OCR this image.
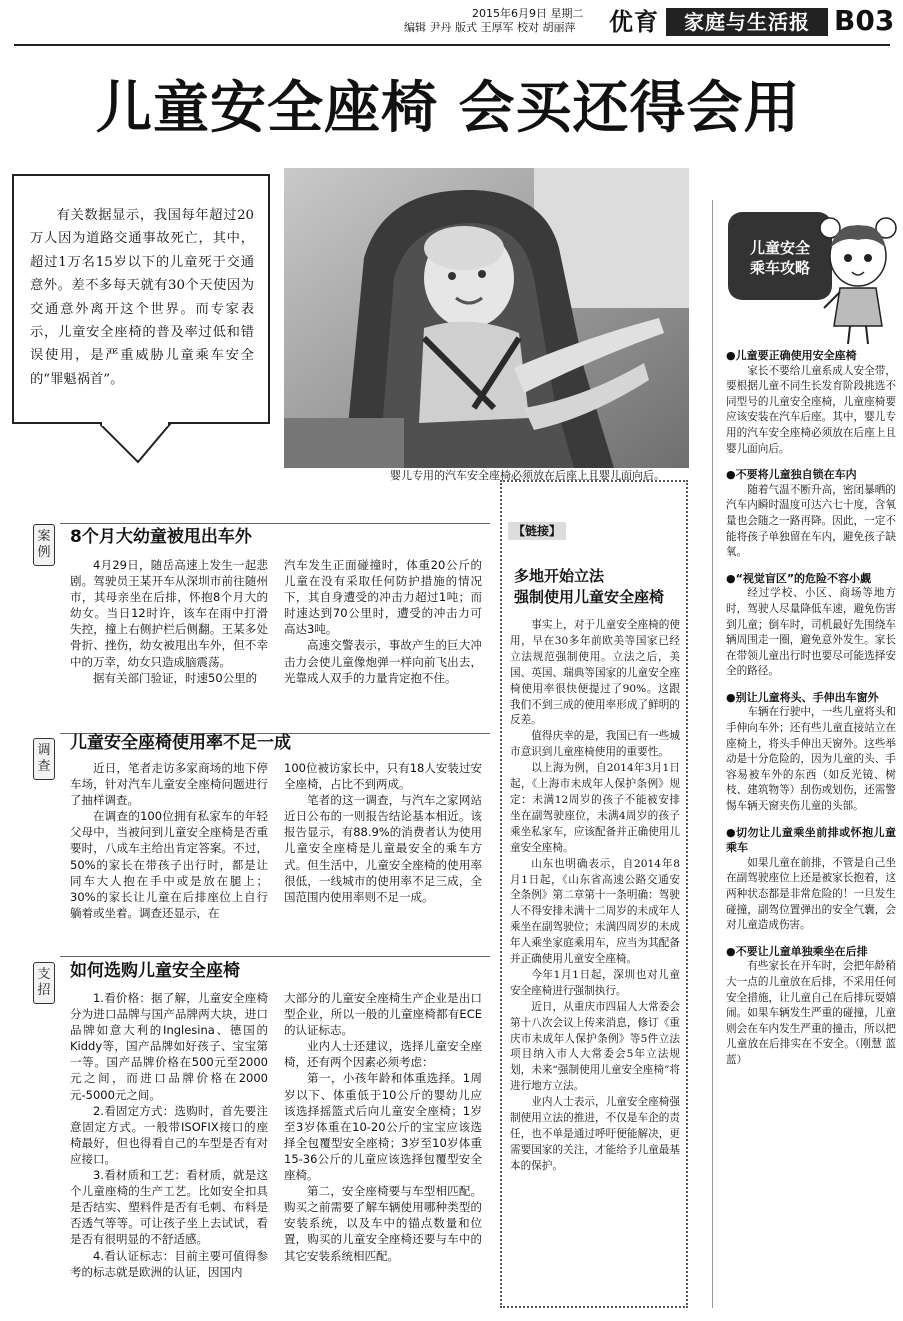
2015年6月9日 星期二
编辑 尹丹 版式 王厚军 校对 胡丽萍 优育	家庭与生活报 B03
儿童安全座椅 会买还得会用
有关数据显示，我国每年超过20万人因为道路交通事故死亡，其中，超过1万名15岁以下的儿童死于交通意外。差不多每天就有30个天使因为交通意外离开这个世界。而专家表示，儿童安全座椅的普及率过低和错误使用，是严重威胁儿童乘车安全的“罪魁祸首”。
婴儿专用的汽车安全座椅必须放在后座上且婴儿面向后。
儿童安全
乘车攻略
案例
8个月大幼童被甩出车外

4月29日，随岳高速上发生一起悲剧。驾驶员王某开车从深圳市前往随州市，其母亲坐在后排，怀抱8个月大的幼女。当日12时许，该车在雨中打滑失控，撞上右侧护栏后侧翻。王某多处骨折、挫伤，幼女被甩出车外，但不幸中的万幸，幼女只造成脑震荡。

据有关部门验证，时速50公里的

汽车发生正面碰撞时，体重20公斤的儿童在没有采取任何防护措施的情况下，其自身遭受的冲击力超过1吨；而时速达到70公里时，遭受的冲击力可高达3吨。

高速交警表示，事故产生的巨大冲击力会使儿童像炮弹一样向前飞出去，光靠成人双手的力量肯定抱不住。

调查
儿童安全座椅使用率不足一成

近日，笔者走访多家商场的地下停车场，针对汽车儿童安全座椅问题进行了抽样调查。

在调查的100位拥有私家车的年轻父母中，当被问到儿童安全座椅是否重要时，八成车主给出肯定答案。不过，50%的家长在带孩子出行时，都是让同车大人抱在手中或是放在腿上；30%的家长让儿童在后排座位上自行躺着或坐着。调查还显示，在

100位被访家长中，只有18人安装过安全座椅，占比不到两成。

笔者的这一调查，与汽车之家网站近日公布的一则报告结论基本相近。该报告显示，有88.9%的消费者认为使用儿童安全座椅是儿童最安全的乘车方式。但生活中，儿童安全座椅的使用率很低，一线城市的使用率不足三成，全国范围内使用率则不足一成。

支招
如何选购儿童安全座椅

1.看价格：据了解，儿童安全座椅分为进口品牌与国产品牌两大块，进口品牌如意大利的Inglesina、德国的Kiddy等，国产品牌如好孩子、宝宝第一等。国产品牌价格在500元至2000元之间，而进口品牌价格在2000元-5000元之间。

2.看固定方式：选购时，首先要注意固定方式。一般带ISOFIX接口的座椅最好，但也得看自己的车型是否有对应接口。

3.看材质和工艺：看材质，就是这个儿童座椅的生产工艺。比如安全扣具是否结实、塑料件是否有毛刺、布料是否透气等等。可让孩子坐上去试试，看是否有很明显的不舒适感。

4.看认证标志：目前主要可值得参考的标志就是欧洲的认证，因国内

大部分的儿童安全座椅生产企业是出口型企业，所以一般的儿童座椅都有ECE的认证标志。

业内人士还建议，选择儿童安全座椅，还有两个因素必须考虑：

第一，小孩年龄和体重选择。1周岁以下、体重低于10公斤的婴幼儿应该选择摇篮式后向儿童安全座椅；1岁至3岁体重在10-20公斤的宝宝应该选择全包覆型安全座椅；3岁至10岁体重15-36公斤的儿童应该选择包覆型安全座椅。

第二，安全座椅要与车型相匹配。购买之前需要了解车辆使用哪种类型的安装系统，以及车中的锚点数量和位置，购买的儿童安全座椅还要与车中的其它安装系统相匹配。

【链接】
多地开始立法
强制使用儿童安全座椅

事实上，对于儿童安全座椅的使用，早在30多年前欧美等国家已经立法规范强制使用。立法之后，美国、英国、瑞典等国家的儿童安全座椅使用率很快便提过了90%。这跟我们不到三成的使用率形成了鲜明的反差。

值得庆幸的是，我国已有一些城市意识到儿童座椅使用的重要性。

以上海为例，自2014年3月1日起，《上海市未成年人保护条例》规定：未满12周岁的孩子不能被安排坐在副驾驶座位，未满4周岁的孩子乘坐私家车，应该配备并正确使用儿童安全座椅。

山东也明确表示，自2014年8月1日起，《山东省高速公路交通安全条例》第二章第十一条明确：驾驶人不得安排未满十二周岁的未成年人乘坐在副驾驶位；未满四周岁的未成年人乘坐家庭乘用车，应当为其配备并正确使用儿童安全座椅。

今年1月1日起，深圳也对儿童安全座椅进行强制执行。

近日，从重庆市四届人大常委会第十八次会议上传来消息，修订《重庆市未成年人保护条例》等5件立法项目纳入市人大常委会5年立法规划，未来“强制使用儿童安全座椅”将进行地方立法。

业内人士表示，儿童安全座椅强制使用立法的推进，不仅是车企的责任，也不单是通过呼吁便能解决，更需要国家的关注，才能给予儿童最基本的保护。

●儿童要正确使用安全座椅

家长不要给儿童系成人安全带，要根据儿童不同生长发育阶段挑选不同型号的儿童安全座椅，儿童座椅要应该安装在汽车后座。其中，婴儿专用的汽车安全座椅必须放在后座上且婴儿面向后。

●不要将儿童独自锁在车内

随着气温不断升高，密闭暴晒的汽车内瞬时温度可达六七十度，含氧量也会随之一路再降。因此，一定不能将孩子单独留在车内，避免孩子缺氧。

●“视觉盲区”的危险不容小觑

经过学校、小区、商场等地方时，驾驶人尽量降低车速，避免伤害到儿童；倒车时，司机最好先围绕车辆周围走一圈，避免意外发生。家长在带领儿童出行时也要尽可能选择安全的路径。

●别让儿童将头、手伸出车窗外

车辆在行驶中，一些儿童将头和手伸向车外；还有些儿童直接站立在座椅上，将头手伸出天窗外。这些举动是十分危险的，因为儿童的头、手容易被车外的东西（如反光镜、树枝、建筑物等）刮伤或划伤，还需警惕车辆天窗夹伤儿童的头部。

●切勿让儿童乘坐前排或怀抱儿童乘车

如果儿童在前排，不管是自己坐在副驾驶座位上还是被家长抱着，这两种状态都是非常危险的！一旦发生碰撞，副驾位置弹出的安全气囊，会对儿童造成伤害。

●不要让儿童单独乘坐在后排

有些家长在开车时，会把年龄稍大一点的儿童放在后排，不采用任何安全措施，让儿童自己在后排玩耍嬉闹。如果车辆发生严重的碰撞，儿童则会在车内发生严重的撞击，所以把儿童放在后排实在不安全。（刚慧 蓝蓝）
